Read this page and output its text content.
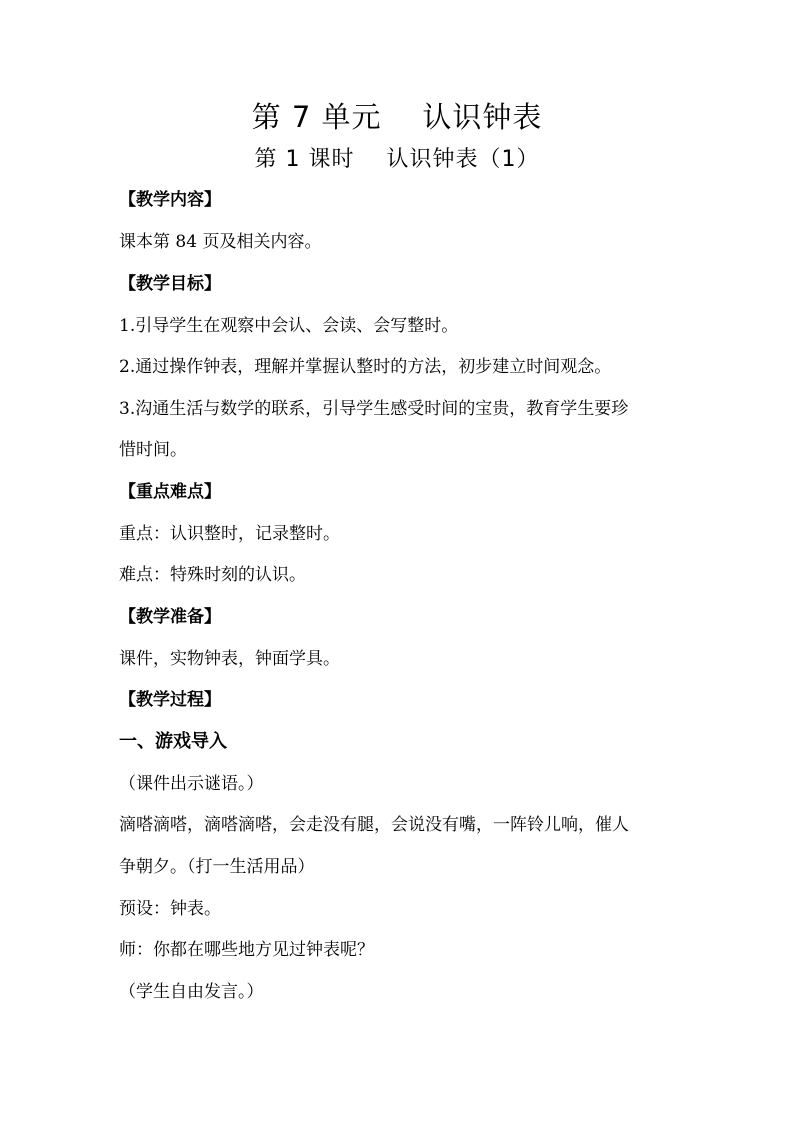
第 7 单元    认识钟表
第 1 课时    认识钟表（1）
【教学内容】
课本第 84 页及相关内容。
【教学目标】
1.引导学生在观察中会认、会读、会写整时。
2.通过操作钟表，理解并掌握认整时的方法，初步建立时间观念。
3.沟通生活与数学的联系，引导学生感受时间的宝贵，教育学生要珍
惜时间。
【重点难点】
重点：认识整时，记录整时。
难点：特殊时刻的认识。
【教学准备】
课件，实物钟表，钟面学具。
【教学过程】
一、游戏导入
（课件出示谜语。）
滴嗒滴嗒，滴嗒滴嗒，会走没有腿，会说没有嘴，一阵铃儿响，催人
争朝夕。（打一生活用品）
预设：钟表。
师：你都在哪些地方见过钟表呢？
（学生自由发言。）
